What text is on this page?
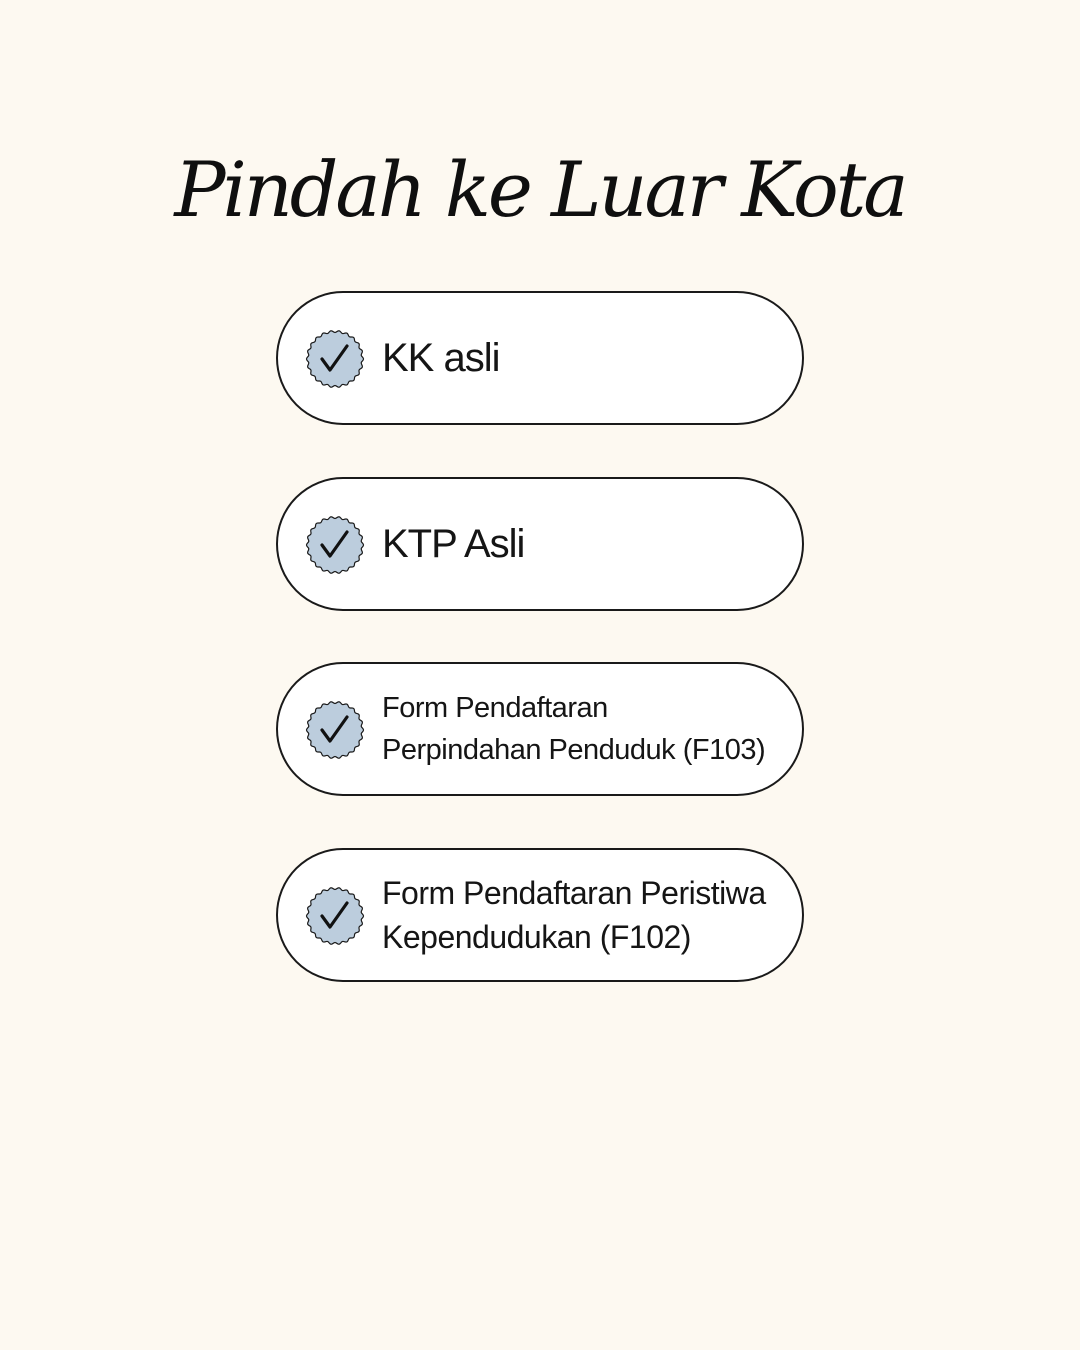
Pindah ke Luar Kota
KK asli
KTP Asli
Form Pendaftaran
Perpindahan Penduduk (F103)
Form Pendaftaran Peristiwa
Kependudukan (F102)
